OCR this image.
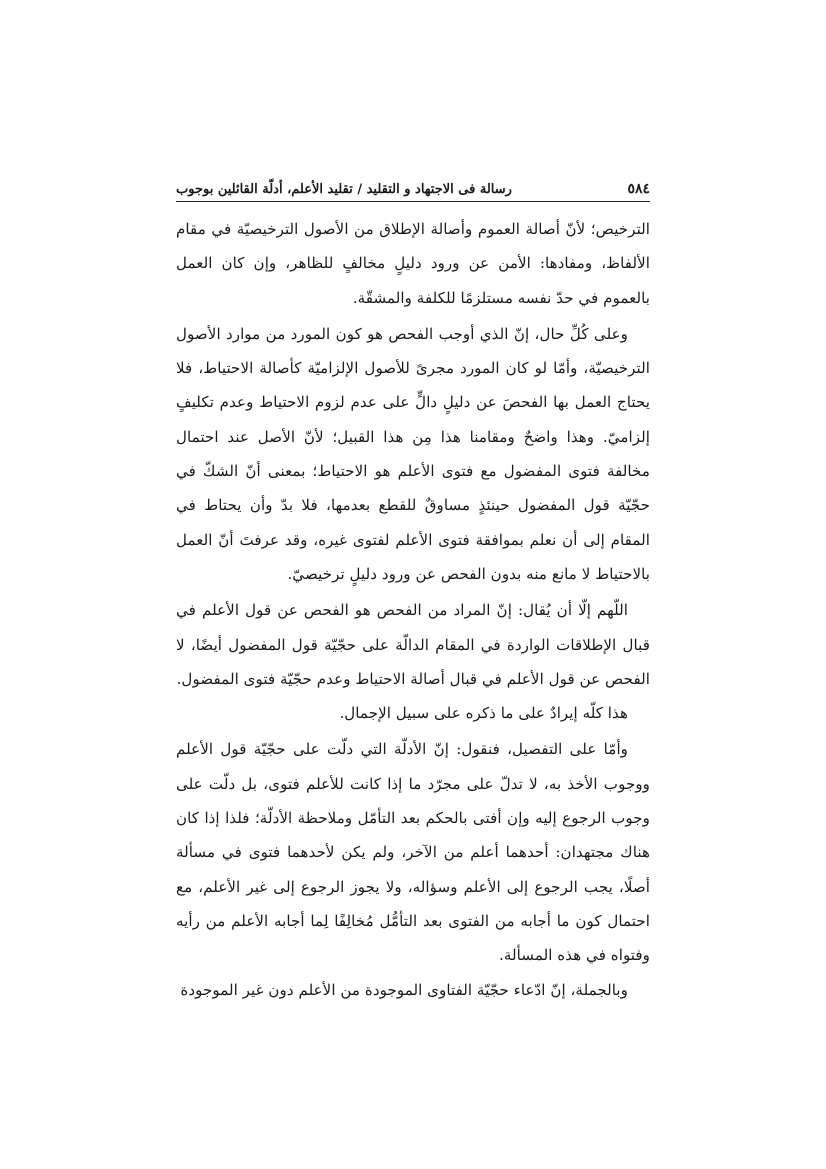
٥٨٤
رسالة فى الاجتهاد و التقليد / تقليد الأعلم، أدلّة القائلين بوجوب

الترخيص؛ لأنّ أصالة العموم وأصالة الإطلاق من الأصول الترخيصيّة في مقام الألفاظ، ومفادها: الأمن عن ورود دليلٍ مخالفٍ للظاهر، وإن كان العمل بالعموم في حدّ نفسه مستلزمًا للكلفة والمشقّة.

وعلى كُلِّ حال، إنّ الذي أوجب الفحص هو كون المورد من موارد الأصول الترخيصيّة، وأمّا لو كان المورد مجرىً للأصول الإلزاميّة كأصالة الاحتياط، فلا يحتاج العمل بها الفحصَ عن دليلٍ دالٍّ على عدم لزوم الاحتياط وعدم تكليفٍ إلزاميّ. وهذا واضحٌ ومقامنا هذا مِن هذا القبيل؛ لأنّ الأصل عند احتمال مخالفة فتوى المفضول مع فتوى الأعلم هو الاحتياط؛ بمعنى أنّ الشكّ في حجّيّة قول المفضول حينئذٍ مساوقٌ للقطع بعدمها، فلا بدّ وأن يحتاط في المقام إلى أن نعلم بموافقة فتوى الأعلم لفتوى غيره، وقد عرفتَ أنّ العمل بالاحتياط لا مانع منه بدون الفحص عن ورود دليلٍ ترخيصيّ.

اللّهم إلّا أن يُقال: إنّ المراد من الفحص هو الفحص عن قول الأعلم في قبال الإطلاقات الواردة في المقام الدالّة على حجّيّة قول المفضول أيضًا، لا الفحص عن قول الأعلم في قبال أصالة الاحتياط وعدم حجّيّة فتوى المفضول.

هذا كلّه إيرادٌ على ما ذكره على سبيل الإجمال.

وأمّا على التفصيل، فنقول: إنّ الأدلّة التي دلّت على حجّيّة قول الأعلم ووجوب الأخذ به، لا تدلّ على مجرّد ما إذا كانت للأعلم فتوى، بل دلّت على وجوب الرجوع إليه وإن أفتى بالحكم بعد التأمّل وملاحظة الأدلّة؛ فلذا إذا كان هناك مجتهدان: أحدهما أعلم من الآخر، ولم يكن لأحدهما فتوى في مسألة أصلًا، يجب الرجوع إلى الأعلم وسؤاله، ولا يجوز الرجوع إلى غير الأعلم، مع احتمال كون ما أجابه من الفتوى بعد التأمُّل مُخالِفًا لِما أجابه الأعلم من رأيه وفتواه في هذه المسألة.

وبالجملة، إنّ ادّعاء حجّيّة الفتاوى الموجودة من الأعلم دون غير الموجودة
